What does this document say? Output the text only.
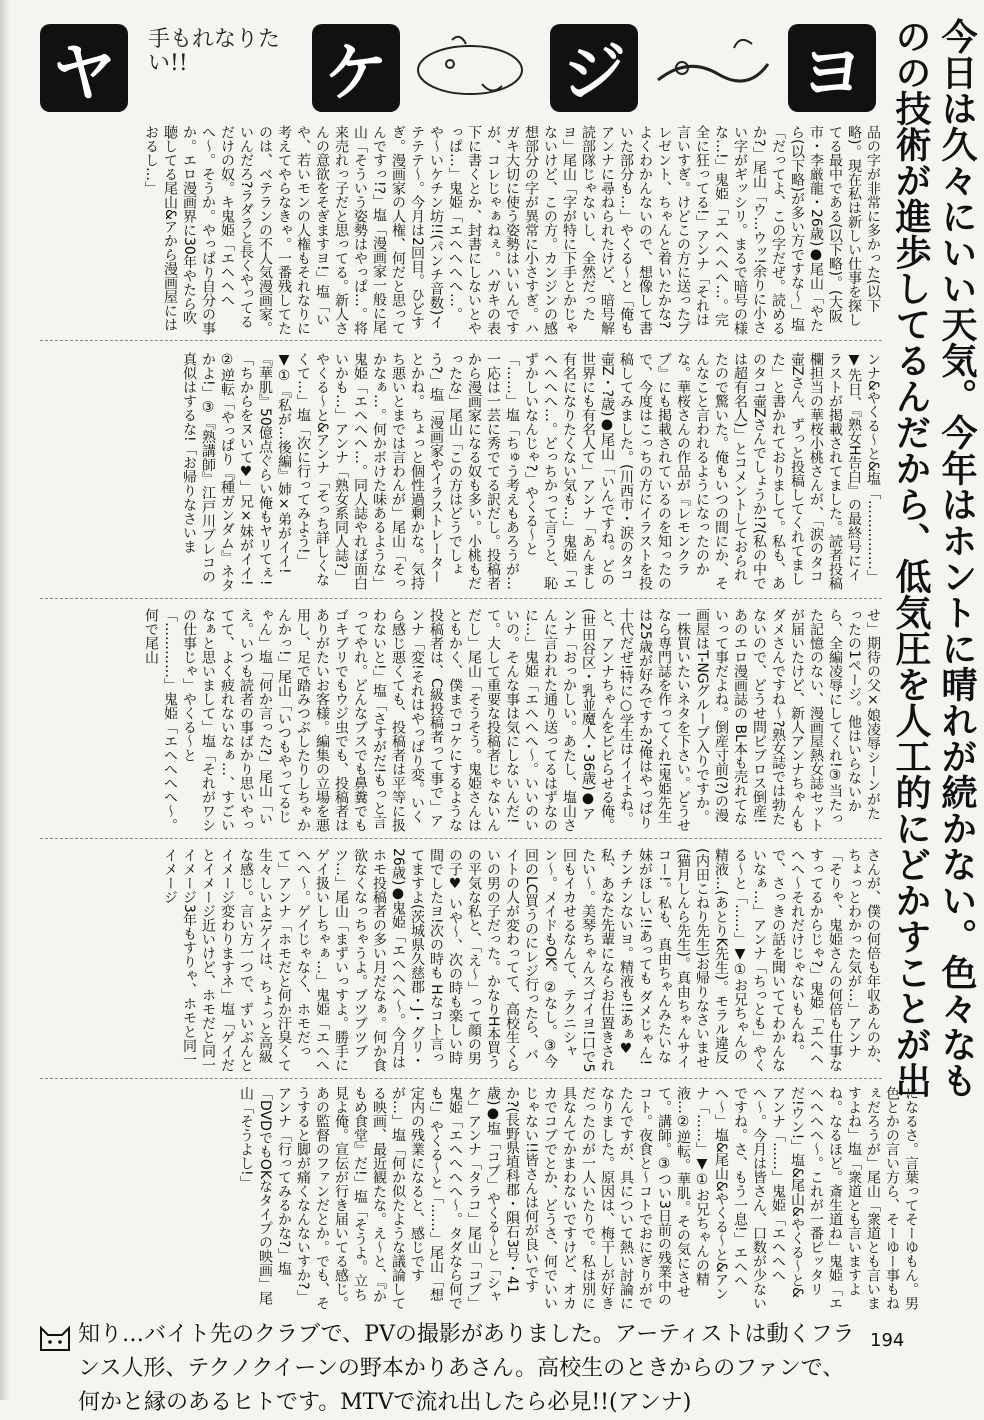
ヤ	手もれなりたい!!	ケ	ジ	ヨ
今日は久々にいい天気。今年はホントに晴れが続かない。色々なものの技術が進歩してるんだから、低気圧を人工的にどかすことが出

品の字が非常に多かった(以下略)。現在私は新しい仕事を探してる最中である(以下略)。(大阪市・李厳龍・26歳)●尾山「やたら(以下略)が多い方ですな〜」塩「だってよ、この字だぜ。読めるか?」尾山「ウ…ウッ!余りに小さい字がギッシリ。まるで暗号の様な…!」鬼姫「エヘヘヘへ…。完全に狂ってる!」アンナ「それは言いすぎ。けどこの方に送ったプレゼント、ちゃんと着いたかな?よくわかんないので、想像して書いた部分も…」やくる〜と「俺もアンナに尋ねられたけど、暗号解読部隊じゃないし、全然だったヨ」尾山「字が特に下手とかじゃないけど、この方。カンジンの感想部分の字が異常に小さすぎ。ハガキ大切に使う姿勢はいいんですが、コレじゃぁねぇ。ハガキの表下に書くとか、封書にしないとやっぱ…」鬼姫「エヘへへへ…。や〜いケチン坊!!(パンチ音数)イテテテ〜。今月は2回目。ひどすぎ。漫画家の人権、何だと思ってんですっ!?」塩「漫画家一般に尾山「そういう姿勢はやっぱ…。将来売れっ子だと思ってる。新人さんの意欲をそぎますヨ!」塩「いや、若いモンの人権もそれなりに考えてやらなきゃ。一番残してたのは、ベテランの不人気漫画家。いんだろ?ラダラと長くやってるだけの奴。キ鬼姫「エヘヘへへ〜。そうか。やっぱり自分の事か。エロ漫画界に30年やたら吹聴してる尾山&アから漫画屋にはおるし…」

ンナ&やくる〜と&塩「……………」▼先日、『熟女H告白』の最終号にイラストが掲載されてました。読者投稿欄担当の華桜小桃さんが、「涙のタコ壷Zさん、ずっと投稿してくれてました」と書かれておりまして。私も、あのタコ壷Zさんでしょうか!?(私の中では超有名人)」とコメントしておられたので驚いた。俺もいつの間にか、そんなこと言われるようになったのかな。華桜さんの作品が『レモンクラブ』にも掲載されているのを知ったので、今度はこっちの方にイラストを投稿してみました。(川西市・涙のタコ壷Z・?歳)●尾山「いんですね。どの世界にも有名人て」アンナ「あんまし有名になりたくない気も…」鬼姫「エヘへへへ…。どっちかって言うと、恥ずかしいなんじゃ?」やくる〜と「……」塩「ちゅう考えもあろうが…一応は一芸に秀でてる訳だし。投稿者から漫画家になる奴も多い。小桃もだったな」尾山「この方はどうでしょう?」塩「漫画家やイラストレーターとかね。ちょっと個性過剰かな。気持ち悪いとまでは言わんが」尾山「そっかなぁ…。何かボけた味あるような」鬼姫「エヘへへ…。同人誌やれば面白いかも…」アンナ「熟女系同人誌?」やくる〜と&アンナ「そっち詳しくなくて…」塩「次に行ってみよう!」▼①『私が…後編』姉×弟がイイ!『華肌』50億点ぐらい俺もヤリてぇ!「ちからをヌいて♥」兄×妹がイイ!②逆転「やっぱり『種ガンダム』ネタかよ!」③『熟講師』江戸川ブレコの真似はするな!「お帰りなさいま

せ」期待の父×娘凌辱シーンがた ったの1ページ。他はいらないから、全編凌辱にしてくれ!③当たった記憶のない、漫画屋熱女誌セットが届いたけど、新人アンナちゃんもダメさんですね〜?熟女誌では勃たないので、どうせ問ビブロス倒産!あのエロ漫画誌の BL本も売れてないって事だよね。倒産寸前(?)の漫画屋はT-NGグループ入りですか。一株買いたいネタを下さい。どうせなら専門誌を作ってくれ!鬼姫先生は25歳が好みですか?俺はやっぱり十代だぜ!特に○学生はイイよね。と、アンナちゃんをビビらせる俺。(世田谷区・乳並魔人・36歳)●アンナ「おっかしい。あたし、塩山さんに言われた通り送ってるはずなのに…」鬼姫「エヘへへ〜。いいのいいの。そんな事は気にしないんだ!て。大して重要な投稿者じゃないんだし」尾山「そうそう。鬼姫さんはともかく、僕までコケにするような投稿者は、C級投稿者って事で」アンナ「変!それはやっぱり変。いくら感じ悪くても、投稿者は平等に扱わないと!」塩「さすがだ!もっと言ってやれ。どんなブスでも鼻糞でもゴキブリでもウジ虫でも、投稿者はありがたいお客様。編集の立場を悪用し、足で踏みつぶしたりしちゃかんかっ!」尾山「いつもやってるじゃん」塩「何か言った?」尾山「いえ。いつも読者の事ばかり思いやってて、よく疲れないなぁ…、すごいなぁと思いまして」塩「それがワシの仕事じゃ」やくる〜と「…………」鬼姫「エヘへへへ〜。何で尾山

さんが、僕の何倍も年収あんのか、ちょっとわかった気が…」アンナ「そりゃ、鬼姫さんの何倍も仕事なすってるからじゃ?」鬼姫「エヘヘへへ〜それだけじゃないもんね。で、さっきの話を聞いててわかんないなぁ…」アンナ「ちっとも」やくる〜と「……」▼①お兄ちゃんの精液…(あとりK先生)。モラル違反(内田こねり先生)お帰りなさいませ(猫月しんら先生)。真由ちゃんサイコー!。私も、真由ちゃんみたいな妹がほしい!!あっても ダメじゃん!チンチンないヨ。精液も!!あぁ♥ 私、あなた先輩にならお仕置きされたい〜。美琴ちゃんスゴイヨ!口で5回もイカせるなんて、テクニシャン〜。メイドもOK。②なし。③今回のLC買うのにレジ行ったら、バイトの人が変わってて、高校生くらいの男の子だった。かなりH本買うの平気な私と、「え〜」って顔の男の子♥ いや〜、次の時も楽しい時間でしたヨ!次の時も Hなコト言ってますよ(茨城県久慈郡・J・グリ・26歳)●鬼姫「エヘヘへ〜。今月はホモ投稿者の多い月だなぁ。何か食欲なくなっちゃうよ。ブツブツブツ…」尾山「まずいっすよ。勝手にゲイ扱いしちゃぁ…」鬼姫「エヘへへへ〜。ゲイじゃなく、ホモだって」アンナ「ホモだと何か汗臭くて生々しいよ!ゲイは、ちょっと高級な感じ。言い方一つで、ずいぶんとイメージ変わりますネ」塩「ゲイだとイメージ近いけど、ホモだと同一イメージ3年もすりゃ、ホモと同一イメージ

になるさ。言葉ってそーゆもん。男色とかの言い方ら、そーゆー事もねぇだろうが」尾山「衆道とも言いますよね」塩「衆道とも言いますよね。なるほど。斎生道ね」鬼姫「エヘへへへ〜。これが一番ピッタリだ!ウン!」塩&尾山&やくる〜と&アンナ「……」鬼姫「エヘへへへ〜。今月は皆さん、口数が少ないですね。さ、もう一息!」エヘへへ〜」塩&尾山&やくる〜と&アンナ「……」▼①お兄ちゃんの精液…②逆転。華肌。その気にさせて。講師。③つい3日前の残業中のコト。夜食と〜コトでおにぎりがでたんですが、具について熱い討論になりました。原因は、梅干しが好きだったのが一人いたりで。私は別に具なんてかまわないですけど、オカカでコブでとか、どうさ、何でいいじゃない!!皆さんは何が良いですか?(長野県埴科郡・隕石3号・41歳)●塩「コブ」やくる〜と「シャケ」アンナ「タラコ」尾山「コブ」鬼姫「エヘへへへ〜。タダなら何でも!」やくる〜と「……」尾山「想定内の残業になると、感じですが…」塩「何か似たような議論してる映画、最近観たな。え〜と、『かもめ食堂』だ!」塩「そうよ。立ち見よ俺。宣伝が行き届いてる感じ。あの監督のファンだとか。でも、そうすると脚が痛くなんないすか?」アンナ「行ってみるかな?」塩「DVDでもOKなタイプの映画」尾山「そうよし!」

知り…バイト先のクラブで、PVの撮影がありました。アーティストは動くフランス人形、テクノクイーンの野本かりあさん。高校生のときからのファンで、何かと縁のあるヒトです。MTVで流れ出したら必見!!(アンナ)
194
